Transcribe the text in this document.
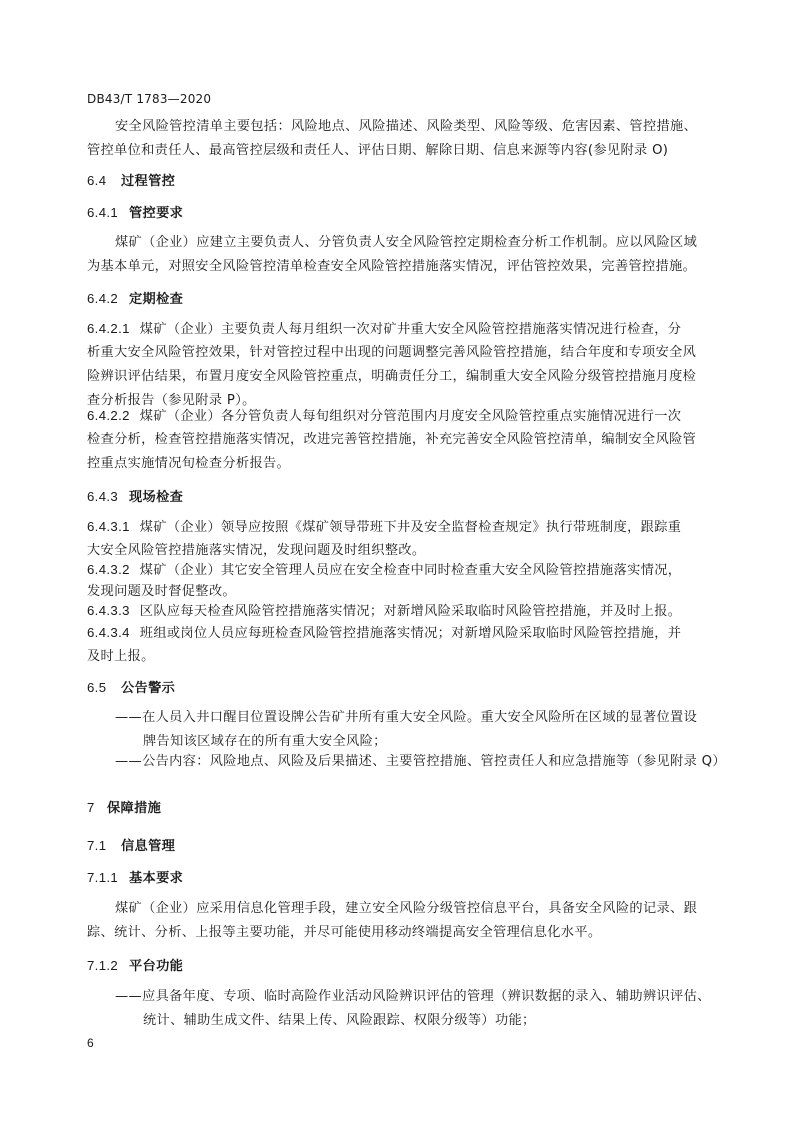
DB43/T 1783—2020
安全风险管控清单主要包括：风险地点、风险描述、风险类型、风险等级、危害因素、管控措施、
管控单位和责任人、最高管控层级和责任人、评估日期、解除日期、信息来源等内容(参见附录 O)
6.4 过程管控
6.4.1 管控要求
煤矿（企业）应建立主要负责人、分管负责人安全风险管控定期检查分析工作机制。应以风险区域
为基本单元，对照安全风险管控清单检查安全风险管控措施落实情况，评估管控效果，完善管控措施。
6.4.2 定期检查
6.4.2.1 煤矿（企业）主要负责人每月组织一次对矿井重大安全风险管控措施落实情况进行检查，分
析重大安全风险管控效果，针对管控过程中出现的问题调整完善风险管控措施，结合年度和专项安全风
险辨识评估结果，布置月度安全风险管控重点，明确责任分工，编制重大安全风险分级管控措施月度检
查分析报告（参见附录 P）。
6.4.2.2 煤矿（企业）各分管负责人每旬组织对分管范围内月度安全风险管控重点实施情况进行一次
检查分析，检查管控措施落实情况，改进完善管控措施，补充完善安全风险管控清单，编制安全风险管
控重点实施情况旬检查分析报告。
6.4.3 现场检查
6.4.3.1 煤矿（企业）领导应按照《煤矿领导带班下井及安全监督检查规定》执行带班制度，跟踪重
大安全风险管控措施落实情况，发现问题及时组织整改。
6.4.3.2 煤矿（企业）其它安全管理人员应在安全检查中同时检查重大安全风险管控措施落实情况，
发现问题及时督促整改。
6.4.3.3 区队应每天检查风险管控措施落实情况；对新增风险采取临时风险管控措施，并及时上报。
6.4.3.4 班组或岗位人员应每班检查风险管控措施落实情况；对新增风险采取临时风险管控措施，并
及时上报。
6.5 公告警示
——在人员入井口醒目位置设牌公告矿井所有重大安全风险。重大安全风险所在区域的显著位置设
牌告知该区域存在的所有重大安全风险；
——公告内容：风险地点、风险及后果描述、主要管控措施、管控责任人和应急措施等（参见附录 Q）
7 保障措施
7.1 信息管理
7.1.1 基本要求
煤矿（企业）应采用信息化管理手段，建立安全风险分级管控信息平台，具备安全风险的记录、跟
踪、统计、分析、上报等主要功能，并尽可能使用移动终端提高安全管理信息化水平。
7.1.2 平台功能
——应具备年度、专项、临时高险作业活动风险辨识评估的管理（辨识数据的录入、辅助辨识评估、
统计、辅助生成文件、结果上传、风险跟踪、权限分级等）功能；
6
